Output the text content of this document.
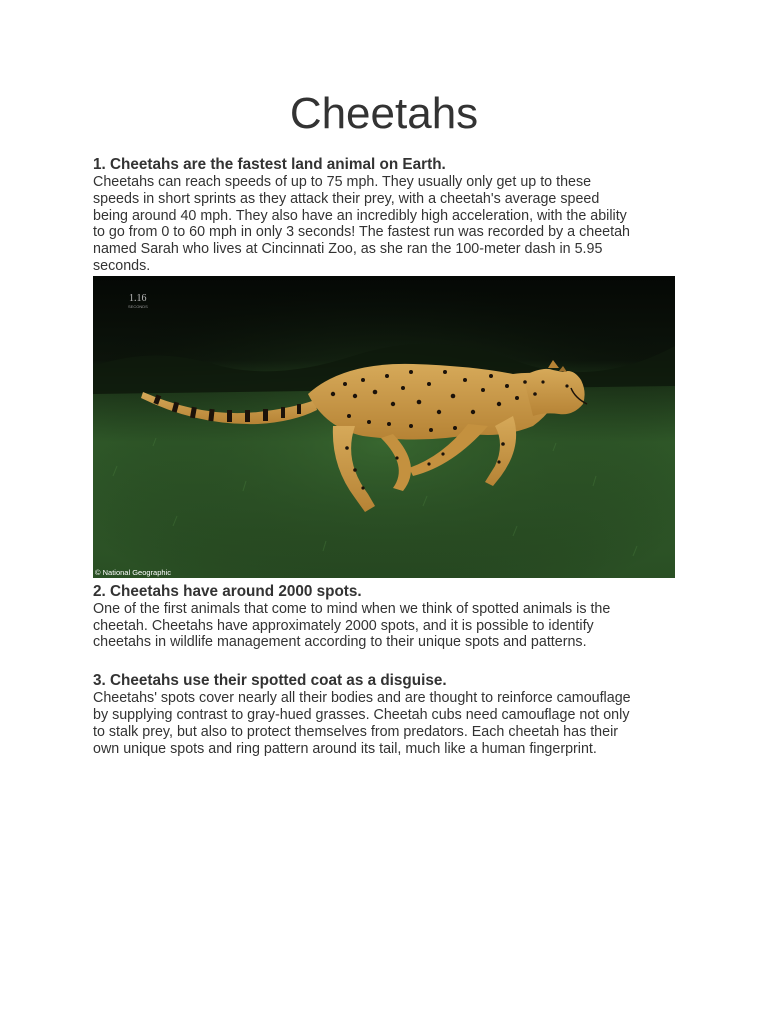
Cheetahs

1. Cheetahs are the fastest land animal on Earth.

Cheetahs can reach speeds of up to 75 mph. They usually only get up to these

speeds in short sprints as they attack their prey, with a cheetah's average speed

being around 40 mph. They also have an incredibly high acceleration, with the ability

to go from 0 to 60 mph in only 3 seconds! The fastest run was recorded by a cheetah

named Sarah who lives at Cincinnati Zoo, as she ran the 100-meter dash in 5.95

seconds.

1.16
SECONDS
© National Geographic

2. Cheetahs have around 2000 spots.

One of the first animals that come to mind when we think of spotted animals is the

cheetah. Cheetahs have approximately 2000 spots, and it is possible to identify

cheetahs in wildlife management according to their unique spots and patterns.

3. Cheetahs use their spotted coat as a disguise.

Cheetahs' spots cover nearly all their bodies and are thought to reinforce camouflage

by supplying contrast to gray-hued grasses. Cheetah cubs need camouflage not only

to stalk prey, but also to protect themselves from predators. Each cheetah has their

own unique spots and ring pattern around its tail, much like a human fingerprint.
